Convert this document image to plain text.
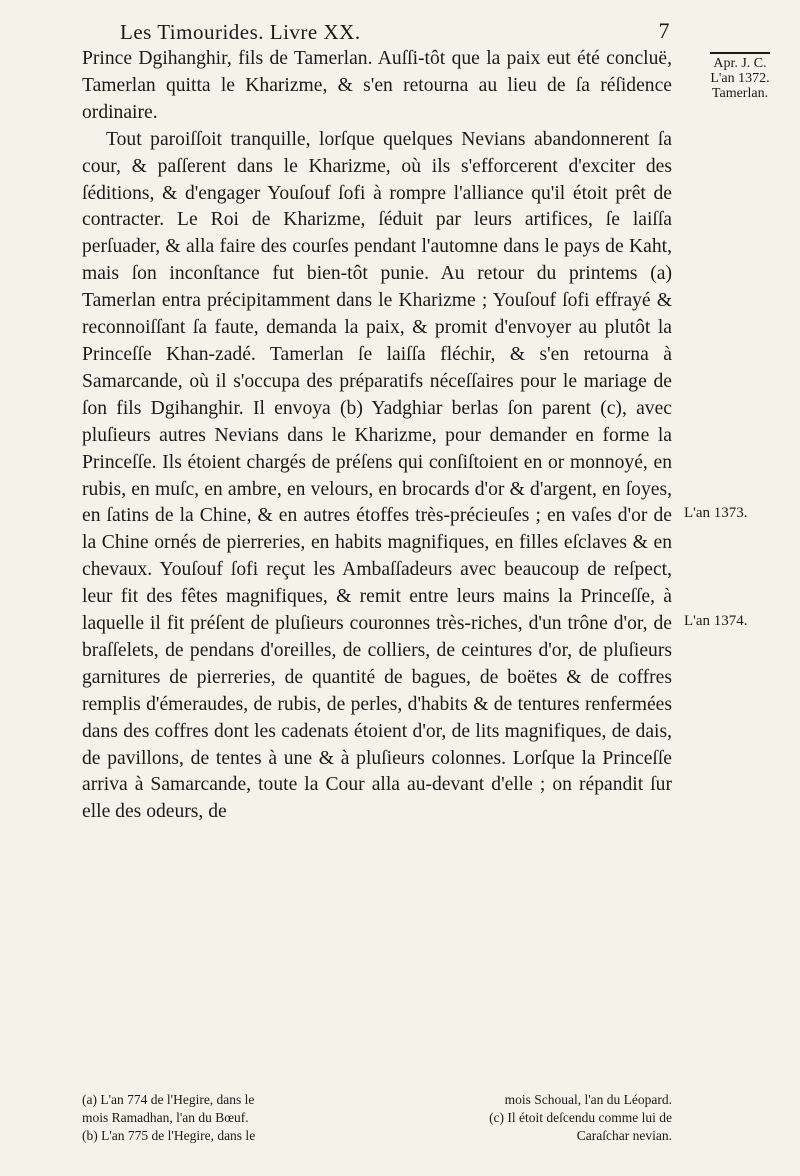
Les Timourides. Livre XX.	7

Prince Dgihanghir, fils de Tamerlan. Auſſi-tôt que la paix eut été concluë, Tamerlan quitta le Kharizme, & s'en retourna au lieu de ſa réſidence ordinaire.

Tout paroiſſoit tranquille, lorſque quelques Nevians abandonnerent ſa cour, & paſſerent dans le Kharizme, où ils s'efforcerent d'exciter des ſéditions, & d'engager Youſouf ſofi à rompre l'alliance qu'il étoit prêt de contracter. Le Roi de Kharizme, ſéduit par leurs artifices, ſe laiſſa perſuader, & alla faire des courſes pendant l'automne dans le pays de Kaht, mais ſon inconſtance fut bien-tôt punie. Au retour du printems (a) Tamerlan entra précipitamment dans le Kharizme ; Youſouf ſofi effrayé & reconnoiſſant ſa faute, demanda la paix, & promit d'envoyer au plutôt la Princeſſe Khan-zadé. Tamerlan ſe laiſſa fléchir, & s'en retourna à Samarcande, où il s'occupa des préparatifs néceſſaires pour le mariage de ſon fils Dgihanghir. Il envoya (b) Yadghiar berlas ſon parent (c), avec pluſieurs autres Nevians dans le Kharizme, pour demander en forme la Princeſſe. Ils étoient chargés de préſens qui conſiſtoient en or monnoyé, en rubis, en muſc, en ambre, en velours, en brocards d'or & d'argent, en ſoyes, en ſatins de la Chine, & en autres étoffes très-précieuſes ; en vaſes d'or de la Chine ornés de pierreries, en habits magnifiques, en filles eſclaves & en chevaux. Youſouf ſofi reçut les Ambaſſadeurs avec beaucoup de reſpect, leur fit des fêtes magnifiques, & remit entre leurs mains la Princeſſe, à laquelle il fit préſent de pluſieurs couronnes très-riches, d'un trône d'or, de braſſelets, de pendans d'oreilles, de colliers, de ceintures d'or, de pluſieurs garnitures de pierreries, de quantité de bagues, de boëtes & de coffres remplis d'émeraudes, de rubis, de perles, d'habits & de tentures renfermées dans des coffres dont les cadenats étoient d'or, de lits magnifiques, de dais, de pavillons, de tentes à une & à pluſieurs colonnes. Lorſque la Princeſſe arriva à Samarcande, toute la Cour alla au-devant d'elle ; on répandit ſur elle des odeurs, de

Apr. J. C.
L'an 1372.
Tamerlan.
L'an 1373.
L'an 1374.
(a) L'an 774 de l'Hegire, dans le	mois Schoual, l'an du Léopard.
mois Ramadhan, l'an du Bœuf.	(c) Il étoit deſcendu comme lui de
(b) L'an 775 de l'Hegire, dans le	Caraſchar nevian.
